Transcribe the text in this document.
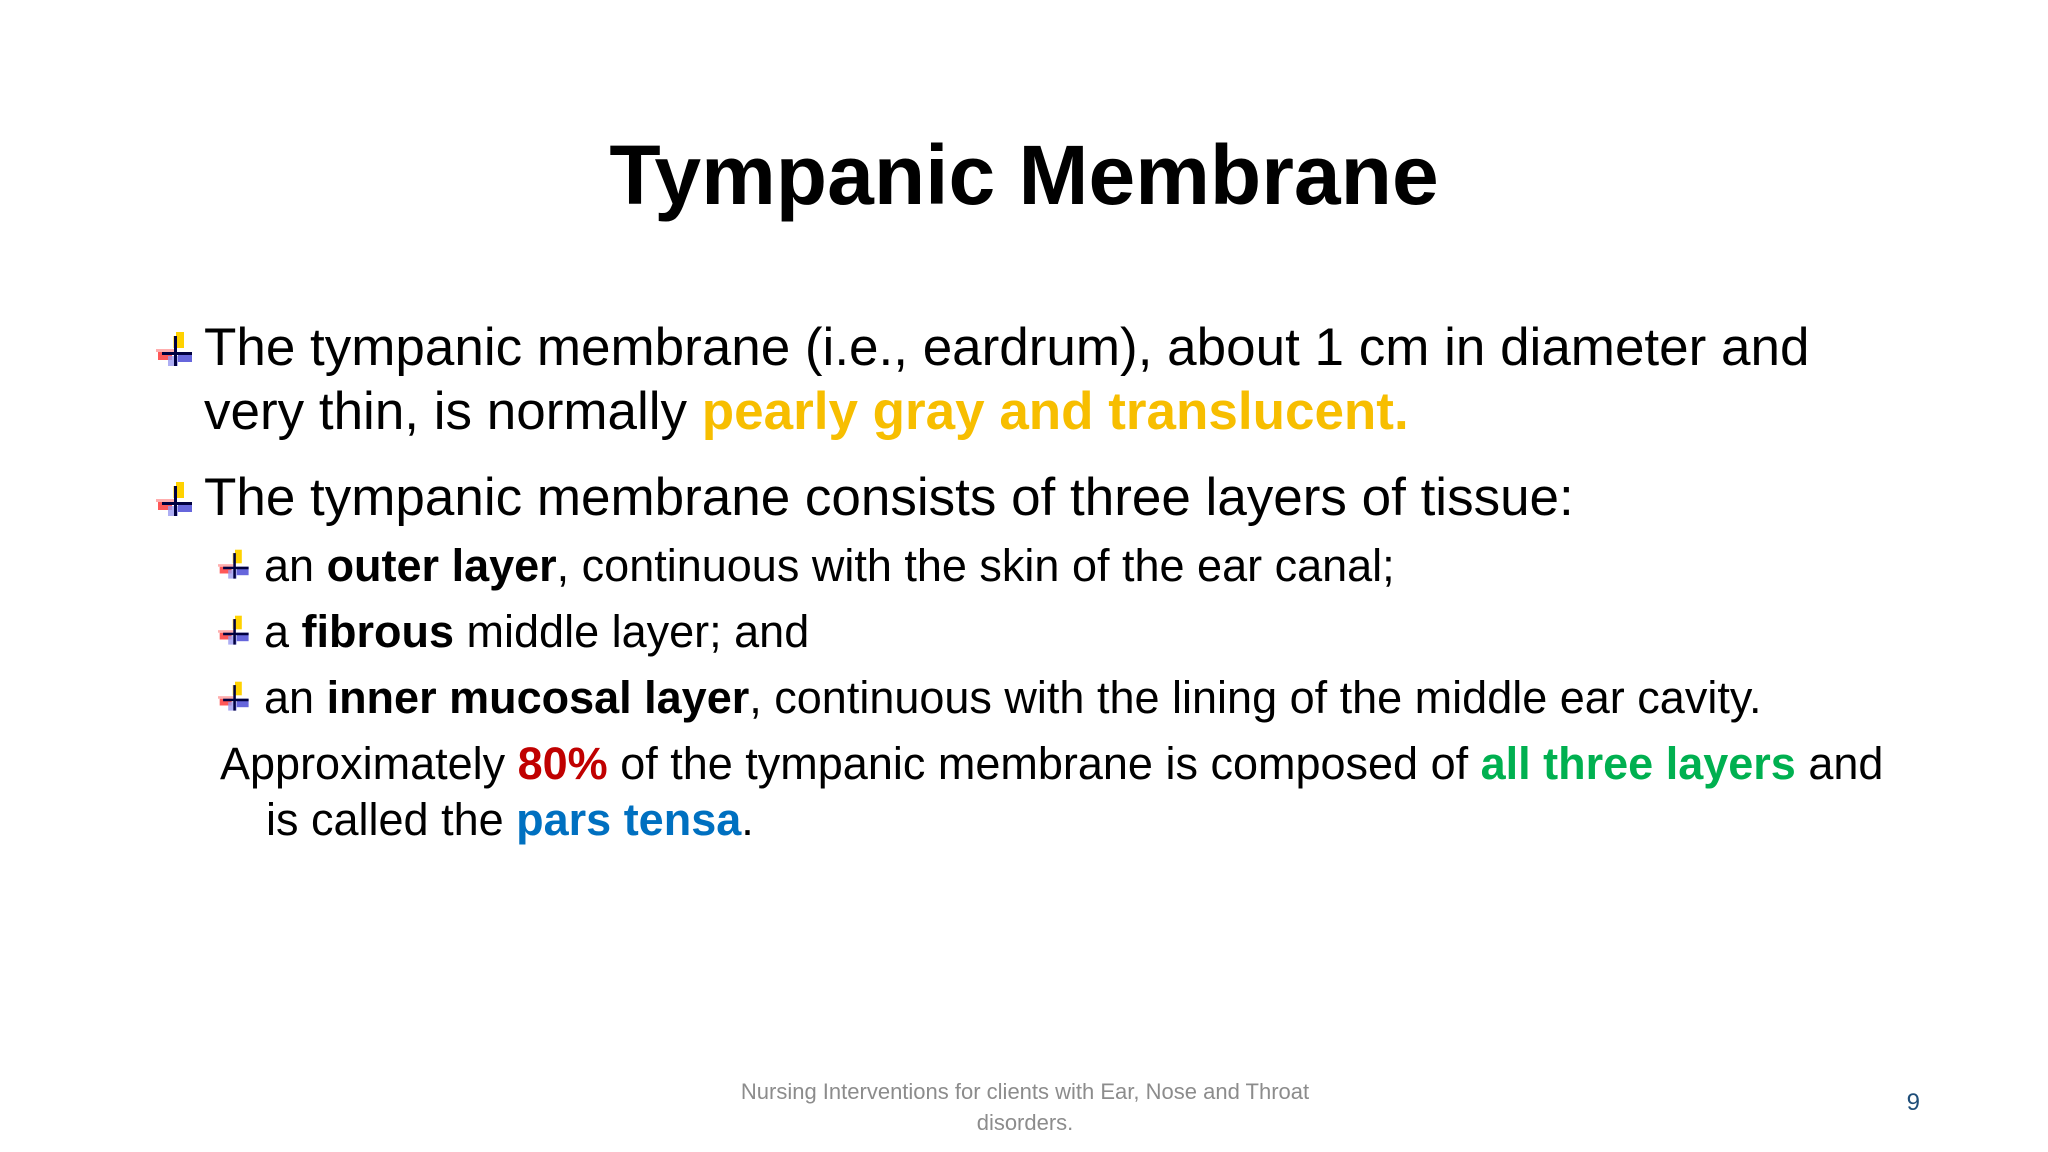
Tympanic Membrane
The tympanic membrane (i.e., eardrum), about 1 cm in diameter and very thin, is normally pearly gray and translucent.
The tympanic membrane consists of three layers of tissue:
an outer layer, continuous with the skin of the ear canal;
a fibrous middle layer; and
an inner mucosal layer, continuous with the lining of the middle ear cavity.
Approximately 80% of the tympanic membrane is composed of all three layers and is called the pars tensa.
Nursing Interventions for clients with Ear, Nose and Throat disorders.
9
